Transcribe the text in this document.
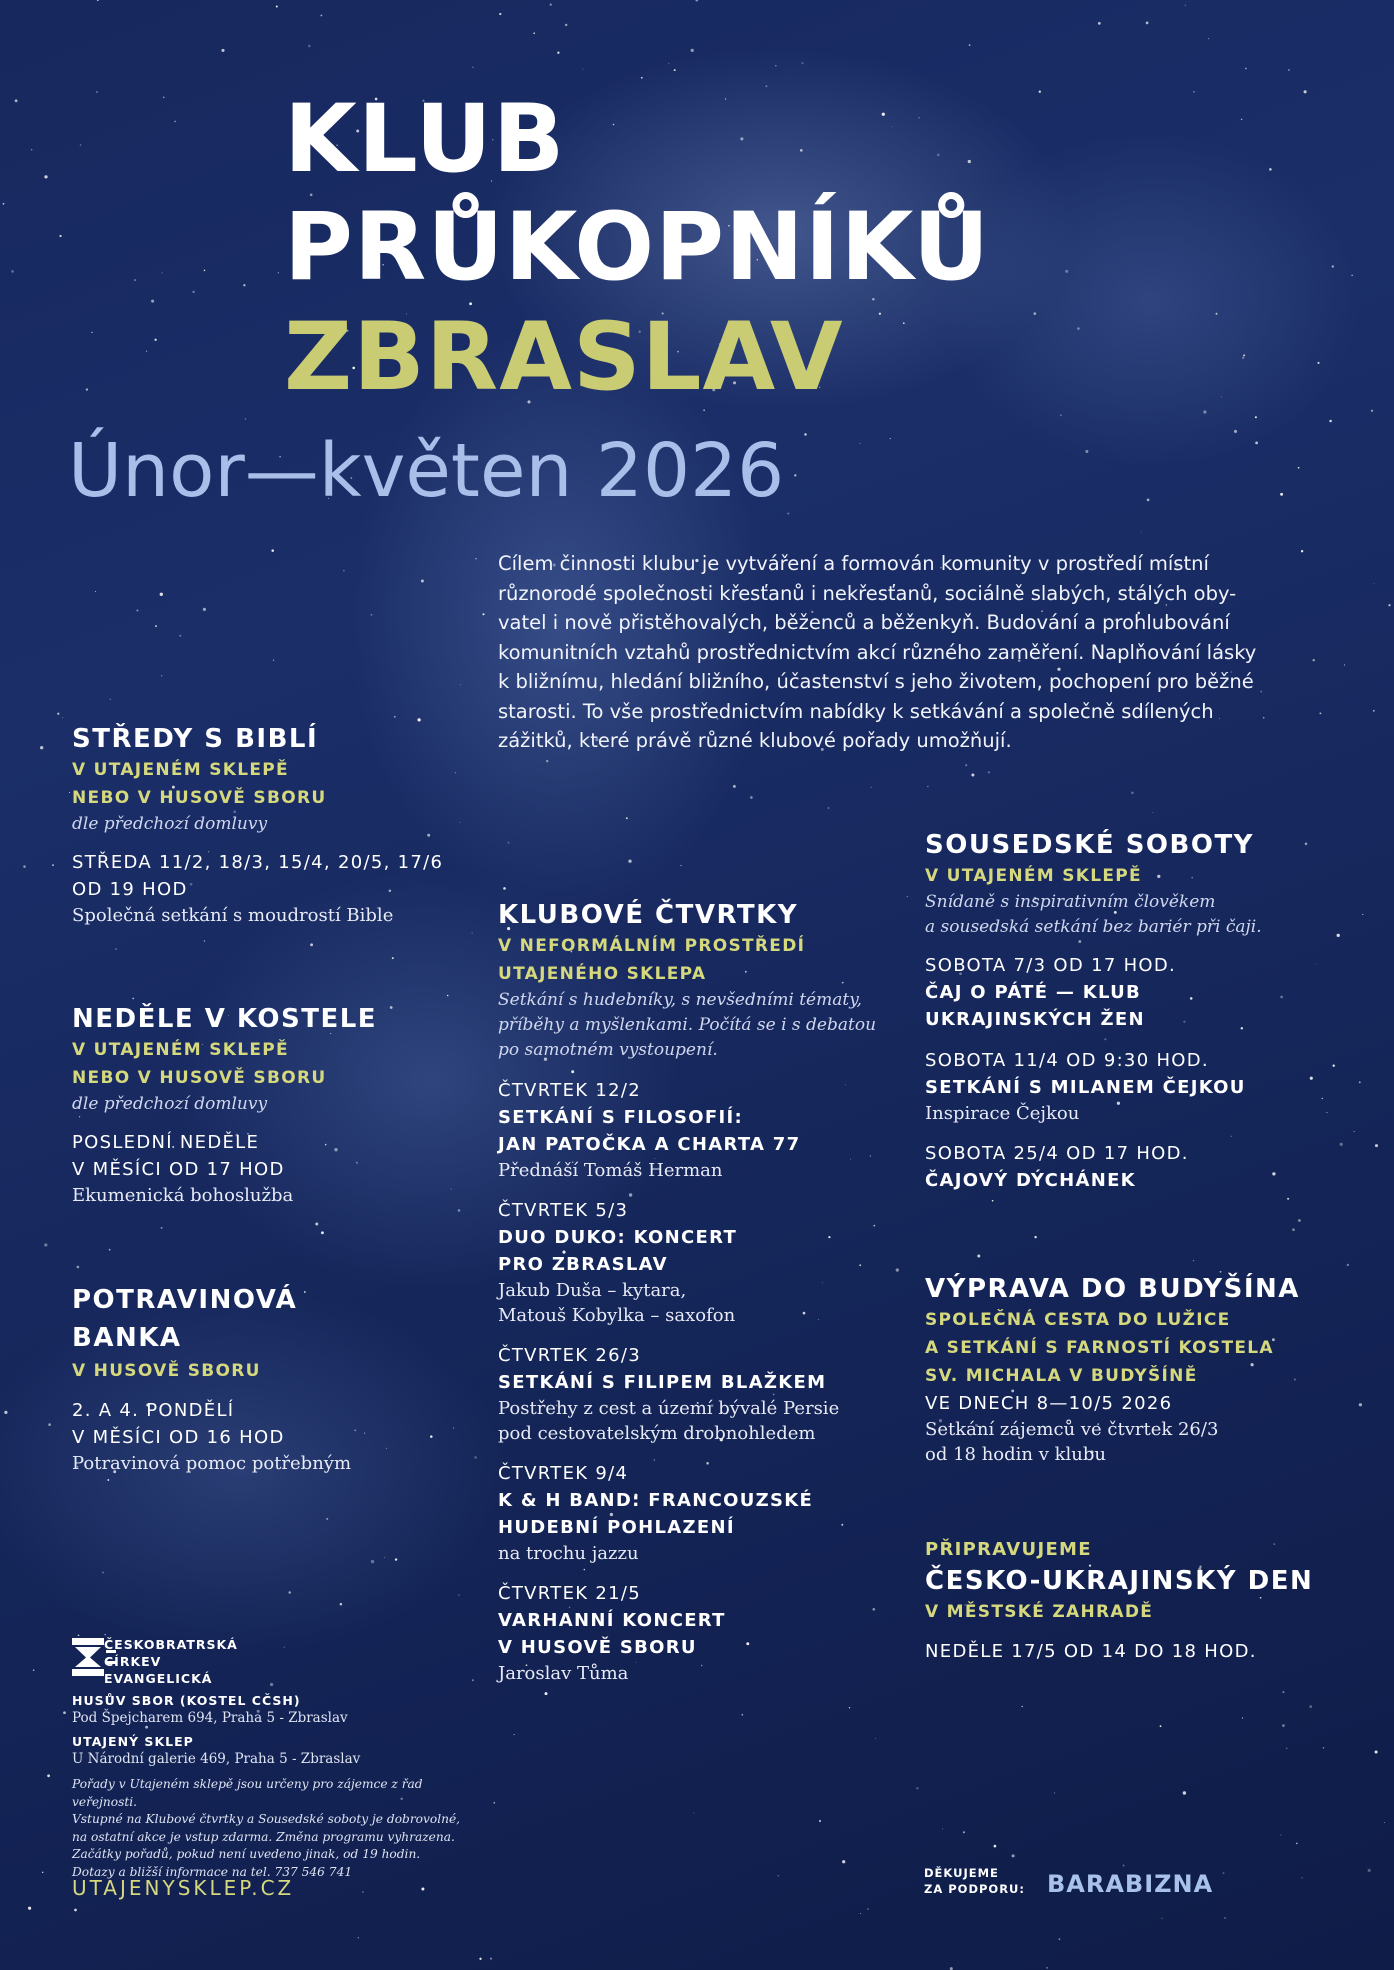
KLUB
PRŮKOPNÍKŮ
ZBRASLAV
Únor—květen 2026
Cílem činnosti klubu je vytváření a formován komunity v prostředí místní
různorodé společnosti křesťanů i nekřesťanů, sociálně slabých, stálých oby-
vatel i nově přistěhovalých, běženců a běženkyň. Budování a prohlubování
komunitních vztahů prostřednictvím akcí různého zaměření. Naplňování lásky
k bližnímu, hledání bližního, účastenství s jeho životem, pochopení pro běžné
starosti. To vše prostřednictvím nabídky k setkávání a společně sdílených
zážitků, které právě různé klubové pořady umožňují.
STŘEDY S BIBLÍ
V UTAJENÉM SKLEPĚ
NEBO V HUSOVĚ SBORU
dle předchozí domluvy
STŘEDA 11/2, 18/3, 15/4, 20/5, 17/6
OD 19 HOD
Společná setkání s moudrostí Bible
NEDĚLE V KOSTELE
V UTAJENÉM SKLEPĚ
NEBO V HUSOVĚ SBORU
dle předchozí domluvy
POSLEDNÍ NEDĚLE
V MĚSÍCI OD 17 HOD
Ekumenická bohoslužba
POTRAVINOVÁ
BANKA
V HUSOVĚ SBORU
2. A 4. PONDĚLÍ
V MĚSÍCI OD 16 HOD
Potravinová pomoc potřebným
KLUBOVÉ ČTVRTKY
V NEFORMÁLNÍM PROSTŘEDÍ
UTAJENÉHO SKLEPA
Setkání s hudebníky, s nevšedními tématy,
příběhy a myšlenkami. Počítá se i s debatou
po samotném vystoupení.
ČTVRTEK 12/2
SETKÁNÍ S FILOSOFIÍ:
JAN PATOČKA A CHARTA 77
Přednáší Tomáš Herman
ČTVRTEK 5/3
DUO DUKO: KONCERT
PRO ZBRASLAV
Jakub Duša – kytara,
Matouš Kobylka – saxofon
ČTVRTEK 26/3
SETKÁNÍ S FILIPEM BLAŽKEM
Postřehy z cest a území bývalé Persie
pod cestovatelským drobnohledem
ČTVRTEK 9/4
K & H BAND: FRANCOUZSKÉ
HUDEBNÍ POHLAZENÍ
na trochu jazzu
ČTVRTEK 21/5
VARHANNÍ KONCERT
V HUSOVĚ SBORU
Jaroslav Tůma
SOUSEDSKÉ SOBOTY
V UTAJENÉM SKLEPĚ
Snídaně s inspirativním člověkem
a sousedská setkání bez bariér při čaji.
SOBOTA 7/3 OD 17 HOD.
ČAJ O PÁTÉ — KLUB
UKRAJINSKÝCH ŽEN
SOBOTA 11/4 OD 9:30 HOD.
SETKÁNÍ S MILANEM ČEJKOU
Inspirace Čejkou
SOBOTA 25/4 OD 17 HOD.
ČAJOVÝ DÝCHÁNEK
VÝPRAVA DO BUDYŠÍNA
SPOLEČNÁ CESTA DO LUŽICE
A SETKÁNÍ S FARNOSTÍ KOSTELA
SV. MICHALA V BUDYŠÍNĚ
VE DNECH 8—10/5 2026
Setkání zájemců ve čtvrtek 26/3
od 18 hodin v klubu
PŘIPRAVUJEME
ČESKO-UKRAJINSKÝ DEN
V MĚSTSKÉ ZAHRADĚ
NEDĚLE 17/5 OD 14 DO 18 HOD.
ČESKOBRATRSKÁ
CÍRKEV
EVANGELICKÁ
HUSŮV SBOR (KOSTEL CČSH)
Pod Špejcharem 694, Praha 5 - Zbraslav
UTAJENÝ SKLEP
U Národní galerie 469, Praha 5 - Zbraslav
Pořady v Utajeném sklepě jsou určeny pro zájemce z řad veřejnosti.
Vstupné na Klubové čtvrtky a Sousedské soboty je dobrovolné,
na ostatní akce je vstup zdarma. Změna programu vyhrazena.
Začátky pořadů, pokud není uvedeno jinak, od 19 hodin.
Dotazy a bližší informace na tel. 737 546 741
UTAJENYSKLEP.CZ
DĚKUJEME
ZA PODPORU: BARABIZNA
